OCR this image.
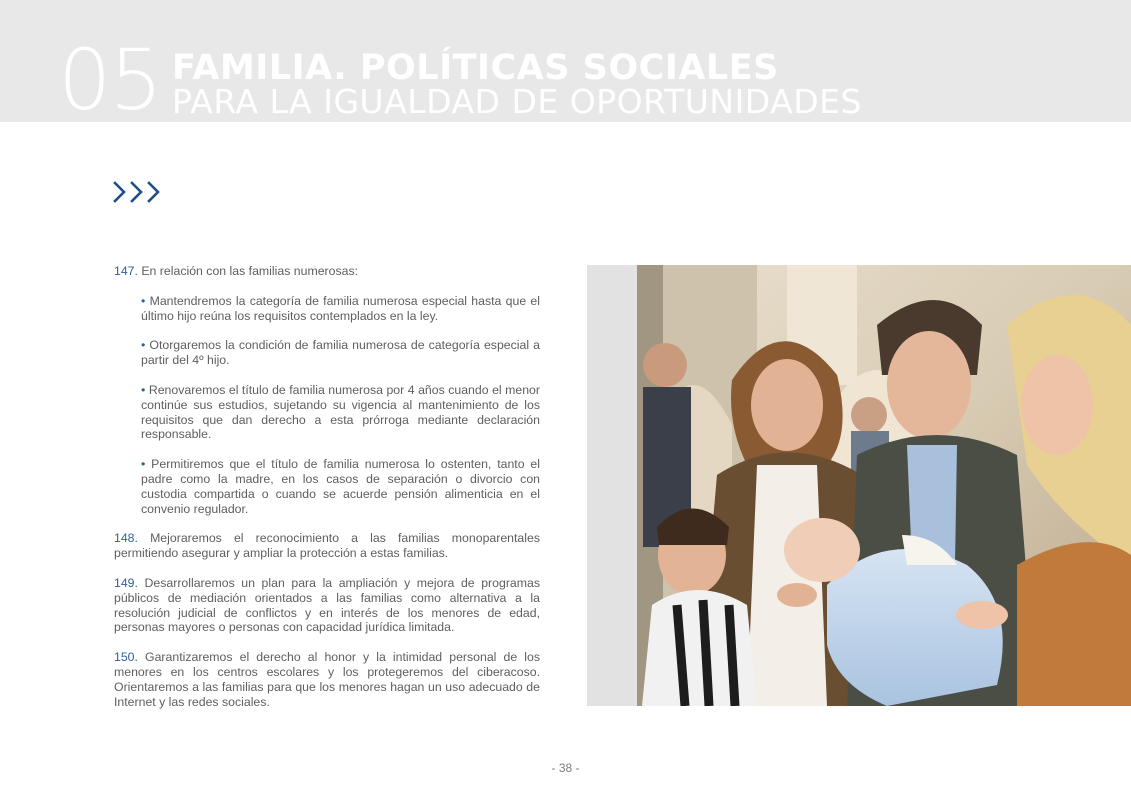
05 FAMILIA. POLÍTICAS SOCIALES
PARA LA IGUALDAD DE OPORTUNIDADES

147. En relación con las familias numerosas:

• Mantendremos la categoría de familia numerosa especial hasta que el último hijo reúna los requisitos contemplados en la ley.
• Otorgaremos la condición de familia numerosa de categoría especial a partir del 4º hijo.
• Renovaremos el título de familia numerosa por 4 años cuando el menor continúe sus estudios, sujetando su vigencia al mantenimiento de los requisitos que dan derecho a esta prórroga mediante declaración responsable.
• Permitiremos que el título de familia numerosa lo ostenten, tanto el padre como la madre, en los casos de separación o divorcio con custodia compartida o cuando se acuerde pensión alimenticia en el convenio regulador.

148. Mejoraremos el reconocimiento a las familias monoparentales permitiendo asegurar y ampliar la protección a estas familias.

149. Desarrollaremos un plan para la ampliación y mejora de programas públicos de mediación orientados a las familias como alternativa a la resolución judicial de conflictos y en interés de los menores de edad, personas mayores o personas con capacidad jurídica limitada.

150. Garantizaremos el derecho al honor y la intimidad personal de los menores en los centros escolares y los protegeremos del ciberacoso. Orientaremos a las familias para que los menores hagan un uso adecuado de Internet y las redes sociales.

- 38 -
